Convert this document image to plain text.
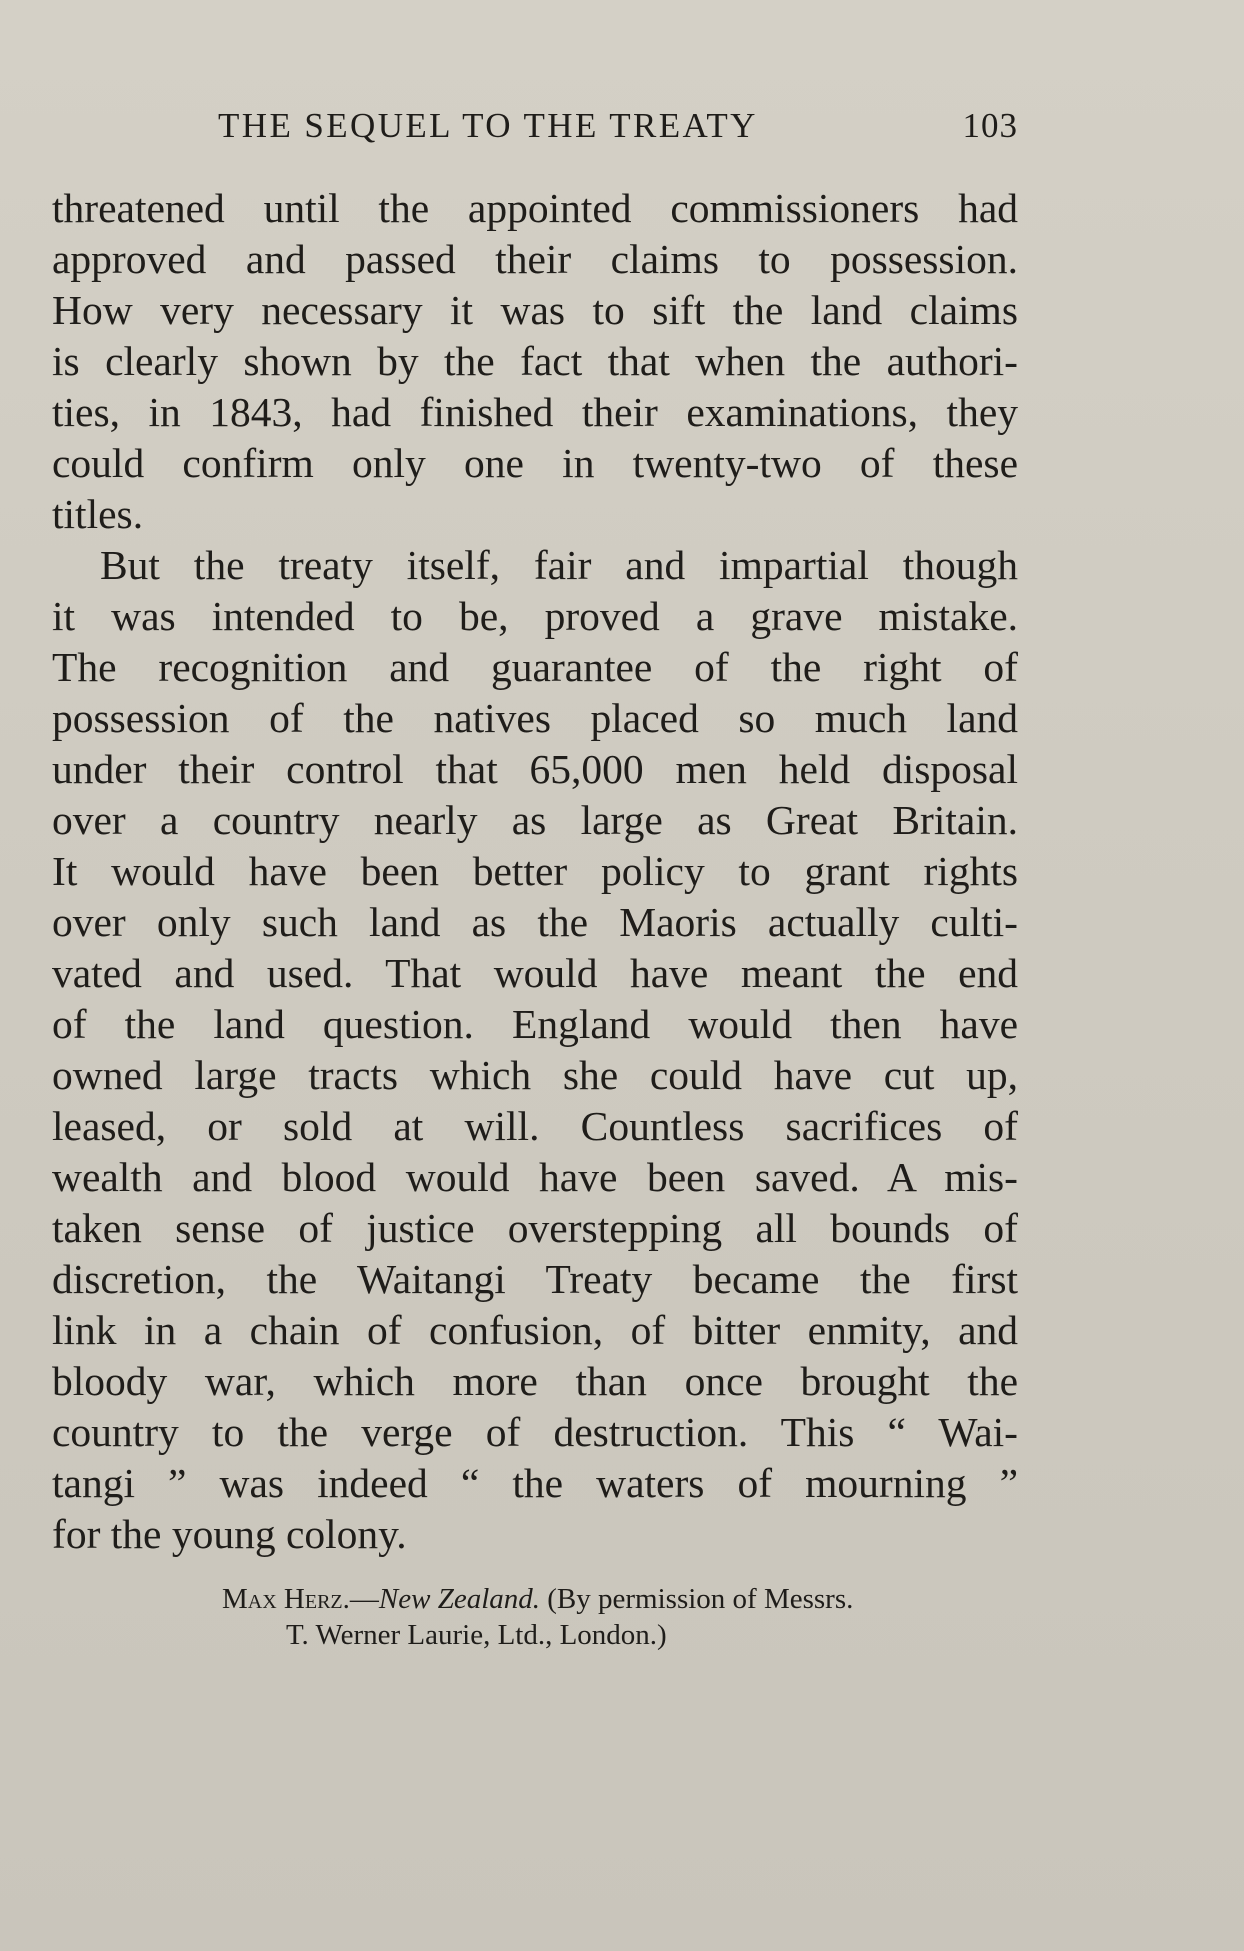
THE SEQUEL TO THE TREATY	103
threatened until the appointed commissioners had
approved and passed their claims to possession.
How very necessary it was to sift the land claims
is clearly shown by the fact that when the authori-
ties, in 1843, had finished their examinations, they
could confirm only one in twenty-two of these
titles.
But the treaty itself, fair and impartial though
it was intended to be, proved a grave mistake.
The recognition and guarantee of the right of
possession of the natives placed so much land
under their control that 65,000 men held disposal
over a country nearly as large as Great Britain.
It would have been better policy to grant rights
over only such land as the Maoris actually culti-
vated and used. That would have meant the end
of the land question. England would then have
owned large tracts which she could have cut up,
leased, or sold at will. Countless sacrifices of
wealth and blood would have been saved. A mis-
taken sense of justice overstepping all bounds of
discretion, the Waitangi Treaty became the first
link in a chain of confusion, of bitter enmity, and
bloody war, which more than once brought the
country to the verge of destruction. This “ Wai-
tangi ” was indeed “ the waters of mourning ”
for the young colony.
Max Herz.—New Zealand. (By permission of Messrs.
T. Werner Laurie, Ltd., London.)
